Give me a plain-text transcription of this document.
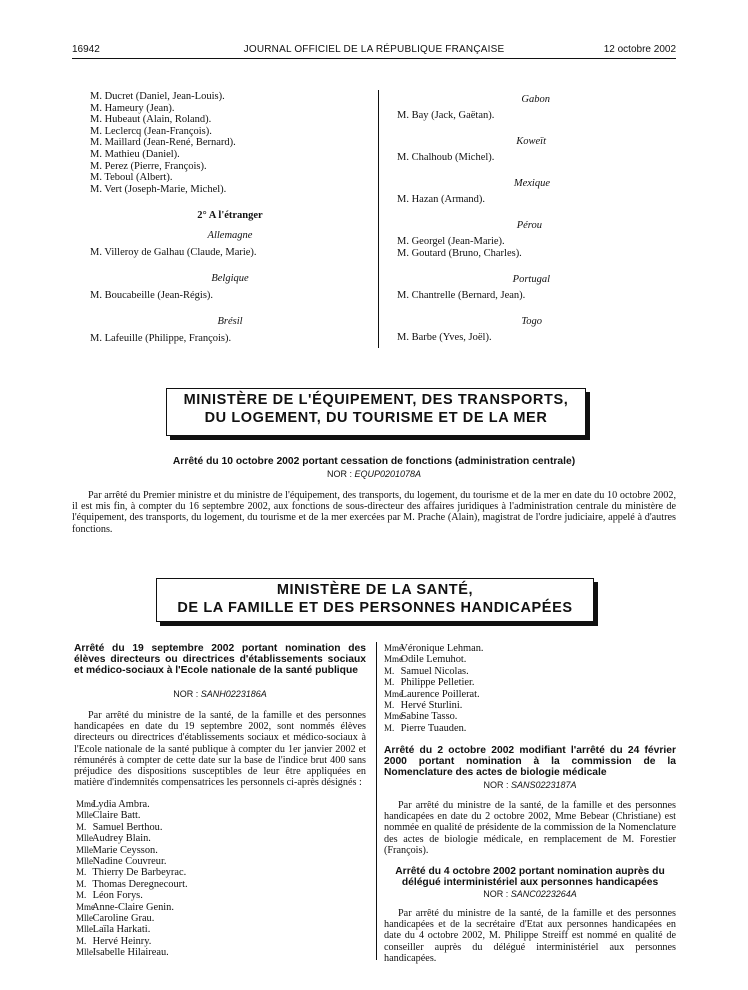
16942	JOURNAL OFFICIEL DE LA RÉPUBLIQUE FRANÇAISE	12 octobre 2002
M. Ducret (Daniel, Jean-Louis).
M. Hameury (Jean).
M. Hubeaut (Alain, Roland).
M. Leclercq (Jean-François).
M. Maillard (Jean-René, Bernard).
M. Mathieu (Daniel).
M. Perez (Pierre, François).
M. Teboul (Albert).
M. Vert (Joseph-Marie, Michel).
2° A l'étranger
Allemagne
M. Villeroy de Galhau (Claude, Marie).
Belgique
M. Boucabeille (Jean-Régis).
Brésil
M. Lafeuille (Philippe, François).
Gabon
M. Bay (Jack, Gaëtan).
Koweït
M. Chalhoub (Michel).
Mexique
M. Hazan (Armand).
Pérou
M. Georgel (Jean-Marie).
M. Goutard (Bruno, Charles).
Portugal
M. Chantrelle (Bernard, Jean).
Togo
M. Barbe (Yves, Joël).
MINISTÈRE DE L'ÉQUIPEMENT, DES TRANSPORTS,
DU LOGEMENT, DU TOURISME ET DE LA MER
Arrêté du 10 octobre 2002 portant cessation de fonctions (administration centrale)
NOR : EQUP0201078A
Par arrêté du Premier ministre et du ministre de l'équipement, des transports, du logement, du tourisme et de la mer en date du 10 octobre 2002, il est mis fin, à compter du 16 septembre 2002, aux fonctions de sous-directeur des affaires juridiques à l'administration centrale du ministère de l'équipement, des transports, du logement, du tourisme et de la mer exercées par M. Prache (Alain), magistrat de l'ordre judiciaire, appelé à d'autres fonctions.
MINISTÈRE DE LA SANTÉ,
DE LA FAMILLE ET DES PERSONNES HANDICAPÉES
Arrêté du 19 septembre 2002 portant nomination des élèves directeurs ou directrices d'établissements sociaux et médico-sociaux à l'Ecole nationale de la santé publique
NOR : SANH0223186A
Par arrêté du ministre de la santé, de la famille et des personnes handicapées en date du 19 septembre 2002, sont nommés élèves directeurs ou directrices d'établissements sociaux et médico-sociaux à l'Ecole nationale de la santé publique à compter du 1er janvier 2002 et rémunérés à compter de cette date sur la base de l'indice brut 400 sans préjudice des dispositions susceptibles de leur être appliquées en matière d'indemnités compensatrices les personnels ci-après désignés :
Mme Lydia Ambra.
Mlle Claire Batt.
M. Samuel Berthou.
Mlle Audrey Blain.
Mlle Marie Ceysson.
Mlle Nadine Couvreur.
M. Thierry De Barbeyrac.
M. Thomas Deregnecourt.
M. Léon Forys.
Mme Anne-Claire Genin.
Mlle Caroline Grau.
Mlle Laïla Harkati.
M. Hervé Heinry.
Mlle Isabelle Hilaireau.
Mme Véronique Lehman.
Mme Odile Lemuhot.
M. Samuel Nicolas.
M. Philippe Pelletier.
Mme Laurence Poillerat.
M. Hervé Sturlini.
Mme Sabine Tasso.
M. Pierre Tuauden.
Arrêté du 2 octobre 2002 modifiant l'arrêté du 24 février 2000 portant nomination à la commission de la Nomenclature des actes de biologie médicale
NOR : SANS0223187A
Par arrêté du ministre de la santé, de la famille et des personnes handicapées en date du 2 octobre 2002, Mme Bebear (Christiane) est nommée en qualité de présidente de la commission de la Nomenclature des actes de biologie médicale, en remplacement de M. Forestier (François).
Arrêté du 4 octobre 2002 portant nomination auprès du délégué interministériel aux personnes handicapées
NOR : SANC0223264A
Par arrêté du ministre de la santé, de la famille et des personnes handicapées et de la secrétaire d'Etat aux personnes handicapées en date du 4 octobre 2002, M. Philippe Streiff est nommé en qualité de conseiller auprès du délégué interministériel aux personnes handicapées.
